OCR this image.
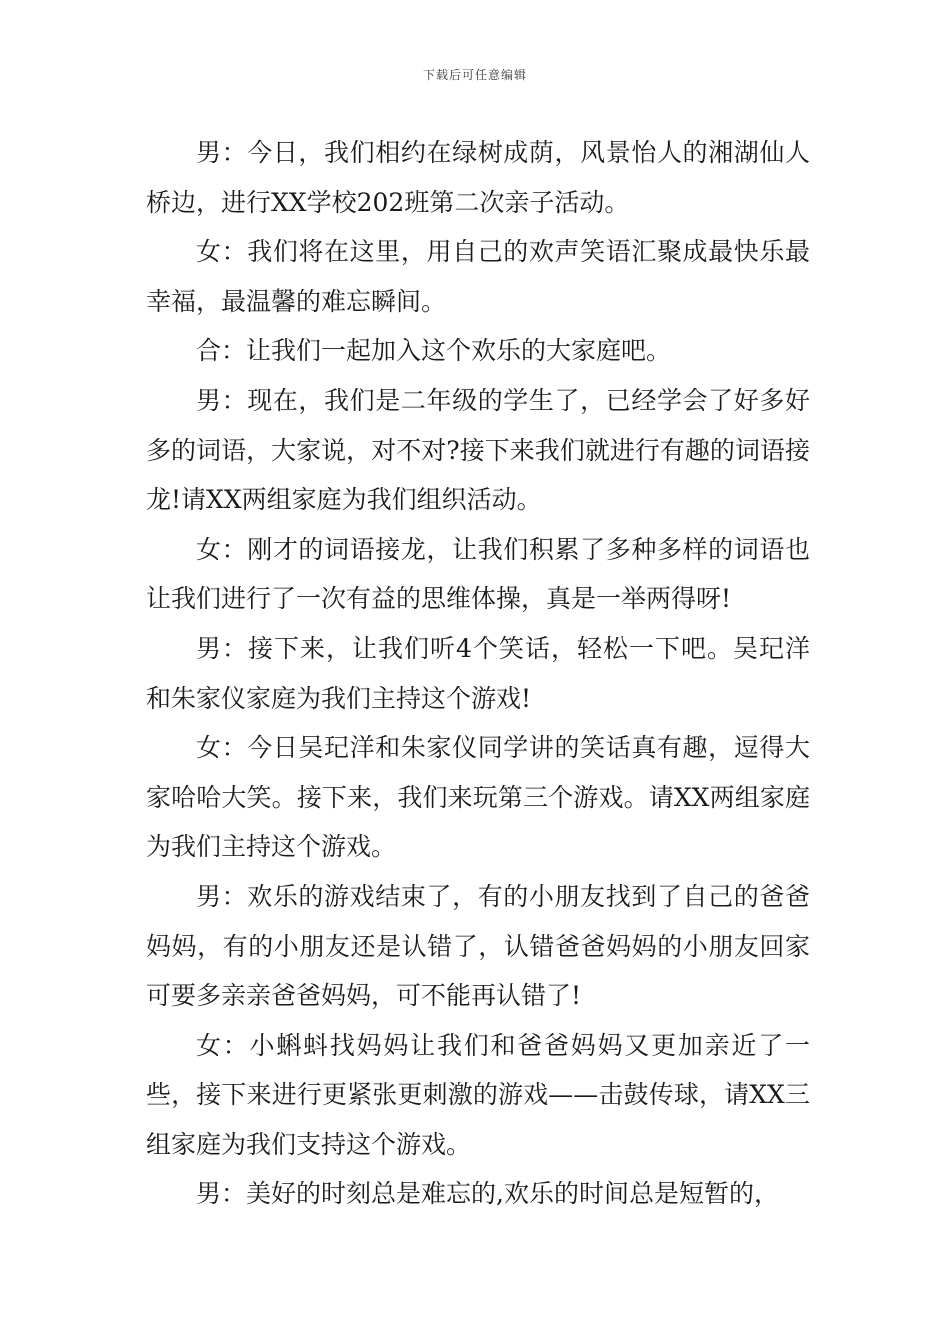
下载后可任意编辑

男：今日，我们相约在绿树成荫，风景怡人的湘湖仙人桥边，进行XX学校202班第二次亲子活动。

女：我们将在这里，用自己的欢声笑语汇聚成最快乐最幸福，最温馨的难忘瞬间。

合：让我们一起加入这个欢乐的大家庭吧。

男：现在，我们是二年级的学生了，已经学会了好多好多的词语，大家说，对不对?接下来我们就进行有趣的词语接龙!请XX两组家庭为我们组织活动。

女：刚才的词语接龙，让我们积累了多种多样的词语也让我们进行了一次有益的思维体操，真是一举两得呀!

男：接下来，让我们听4个笑话，轻松一下吧。吴玘洋和朱家仪家庭为我们主持这个游戏!

女：今日吴玘洋和朱家仪同学讲的笑话真有趣，逗得大家哈哈大笑。接下来，我们来玩第三个游戏。请XX两组家庭为我们主持这个游戏。

男：欢乐的游戏结束了，有的小朋友找到了自己的爸爸妈妈，有的小朋友还是认错了，认错爸爸妈妈的小朋友回家可要多亲亲爸爸妈妈，可不能再认错了!

女：小蝌蚪找妈妈让我们和爸爸妈妈又更加亲近了一些，接下来进行更紧张更刺激的游戏——击鼓传球，请XX三组家庭为我们支持这个游戏。

男：美好的时刻总是难忘的,欢乐的时间总是短暂的，
